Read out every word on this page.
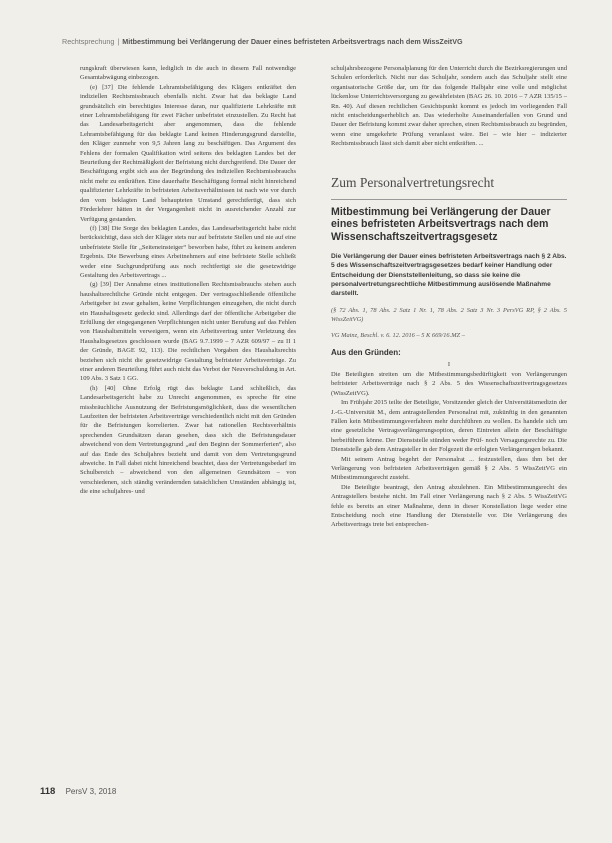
Rechtsprechung | Mitbestimmung bei Verlängerung der Dauer eines befristeten Arbeitsvertrags nach dem WissZeitVG

rungskraft überwiesen kann, lediglich in die auch in diesem Fall notwendige Gesamtabwägung einbezogen.

(e) [37] Die fehlende Lehramtsbefähigung des Klägers entkräftet den indiziellen Rechtsmissbrauch ebenfalls nicht. Zwar hat das beklagte Land grundsätzlich ein berechtigtes Interesse daran, nur qualifizierte Lehrkräfte mit einer Lehramtsbefähigung für zwei Fächer unbefristet einzustellen. Zu Recht hat das Landesarbeitsgericht aber angenommen, dass die fehlende Lehramtsbefähigung für das beklagte Land keinen Hinderungsgrund darstellte, den Kläger zunmehr von 9,5 Jahren lang zu beschäftigen. Das Argument des Fehlens der formalen Qualifikation wird seitens des beklagten Landes bei der Beurteilung der Rechtmäßigkeit der Befristung nicht durchgreifend. Die Dauer der Beschäftigung ergibt sich aus der Begründung des indiziellen Rechtsmissbrauchs nicht mehr zu entkräften. Eine dauerhafte Beschäftigung formal nicht hinreichend qualifizierter Lehrkräfte in befristeten Arbeitsverhältnissen ist nach wie vor durch den vom beklagten Land behaupteten Umstand gerechtfertigt, dass sich Förderlehrer hätten in der Vergangenheit nicht in ausreichender Anzahl zur Verfügung gestanden.

(f) [38] Die Sorge des beklagten Landes, das Landesarbeitsgericht habe nicht berücksichtigt, dass sich der Kläger stets nur auf befristete Stellen und nie auf eine unbefristete Stelle für „Seiteneinsteiger“ beworben habe, führt zu keinem anderen Ergebnis. Die Bewerbung eines Arbeitnehmers auf eine befristete Stelle schließt weder eine Suchgrundprüfung aus noch rechtfertigt sie die gesetzwidrige Gestaltung des Arbeitsvertrags ...

(g) [39] Der Annahme eines institutionellen Rechtsmissbrauchs stehen auch haushaltsrechtliche Gründe nicht entgegen. Der vertragsschließende öffentliche Arbeitgeber ist zwar gehalten, keine Verpflichtungen einzugehen, die nicht durch ein Haushaltsgesetz gedeckt sind. Allerdings darf der öffentliche Arbeitgeber die Erfüllung der eingegangenen Verpflichtungen nicht unter Berufung auf das Fehlen von Haushaltsmitteln verweigern, wenn ein Arbeitsvertrag unter Verletzung des Haushaltsgesetzes geschlossen wurde (BAG 9.7.1999 – 7 AZR 609/97 – zu II 1 der Gründe, BAGE 92, 113). Die rechtlichen Vorgaben des Haushaltsrechts beziehen sich nicht die gesetzwidrige Gestaltung befristeter Arbeitsverträge. Zu einer anderen Beurteilung führt auch nicht das Verbot der Neuverschuldung in Art. 109 Abs. 3 Satz 1 GG.

(h) [40] Ohne Erfolg rügt das beklagte Land schließlich, das Landesarbeitsgericht habe zu Unrecht angenommen, es spreche für eine missbräuchliche Ausnutzung der Befristungsmöglichkeit, dass die wesentlichen Laufzeiten der befristeten Arbeitsverträge verschiedentlich nicht mit den Gründen für die Befristungen korrelierten. Zwar hat rationellen Rechtsverhältnis sprechenden Grundsätzen daran gesehen, dass sich die Befristungsdauer abweichend von dem Vertretungsgrund „auf den Beginn der Sommerferien“, also auf das Ende des Schuljahres bezieht und damit von dem Vertretungsgrund abweiche. In Fall dabei nicht hinreichend beachtet, dass der Vertretungsbedarf im Schulbereich – abweichend von den allgemeinen Grundsätzen – von verschiedenen, sich ständig verändernden tatsächlichen Umständen abhängig ist, die eine schuljahres- und

schuljahrsbezogene Personalplanung für den Unterricht durch die Bezirksregierungen und Schulen erforderlich. Nicht nur das Schuljahr, sondern auch das Schuljahr stellt eine organisatorische Größe dar, um für das folgende Halbjahr eine volle und möglichst lückenlose Unterrichtsversorgung zu gewährleisten (BAG 26. 10. 2016 – 7 AZR 135/15 – Rn. 40). Auf diesen rechtlichen Gesichtspunkt kommt es jedoch im vorliegenden Fall nicht entscheidungserheblich an. Das wiederholte Auseinanderfallen von Grund und Dauer der Befristung kommt zwar daher sprechen, einen Rechtsmissbrauch zu begründen, wenn eine umgekehrte Prüfung veranlasst wäre. Bei – wie hier – indizierter Rechtsmissbrauch lässt sich damit aber nicht entkräften. ...

Zum Personalvertretungsrecht
Mitbestimmung bei Verlängerung der Dauer eines befristeten Arbeitsvertrags nach dem Wissenschaftszeitvertragsgesetz
Die Verlängerung der Dauer eines befristeten Arbeitsvertrags nach § 2 Abs. 5 des Wissenschaftszeitvertragsgesetzes bedarf keiner Handlung oder Entscheidung der Dienststellenleitung, so dass sie keine die personalvertretungsrechtliche Mitbestimmung auslösende Maßnahme darstellt.
(§ 72 Abs. 1, 78 Abs. 2 Satz 1 Nr. 1, 78 Abs. 2 Satz 3 Nr. 3 PersVG RP, § 2 Abs. 5 WissZeitVG)
VG Mainz, Beschl. v. 6. 12. 2016 – 5 K 669/16.MZ –
Aus den Gründen:
I

Die Beteiligten streiten um die Mitbestimmungsbedürftigkeit von Verlängerungen befristeter Arbeitsverträge nach § 2 Abs. 5 des Wissenschaftszeitvertragsgesetzes (WissZeitVG).

Im Frühjahr 2015 teilte der Beteiligte, Vorsitzender gleich der Universitätsmedizin der J.-G.-Universität M., dem antragstellenden Personalrat mit, zukünftig in den genannten Fällen kein Mitbestimmungsverfahren mehr durchführen zu wollen. Es handele sich um eine gesetzliche Vertragsverlängerungsoption, deren Eintreten allein der Beschäftigte herbeiführen könne. Der Dienststelle stünden weder Prüf- noch Versagungsrechte zu. Die Dienststelle gab dem Antragsteller in der Folgezeit die erfolgten Verlängerungen bekannt.

Mit seinem Antrag begehrt der Personalrat ... festzustellen, dass ihm bei der Verlängerung von befristeten Arbeitsverträgen gemäß § 2 Abs. 5 WissZeitVG ein Mitbestimmungsrecht zusteht.

Die Beteiligte beantragt, den Antrag abzulehnen. Ein Mitbestimmungsrecht des Antragstellers bestehe nicht. Im Fall einer Verlängerung nach § 2 Abs. 5 WissZeitVG fehle es bereits an einer Maßnahme, denn in dieser Konstellation liege weder eine Entscheidung noch eine Handlung der Dienststelle vor. Die Verlängerung des Arbeitsvertrags trete bei entsprechen-

118 PersV 3, 2018
